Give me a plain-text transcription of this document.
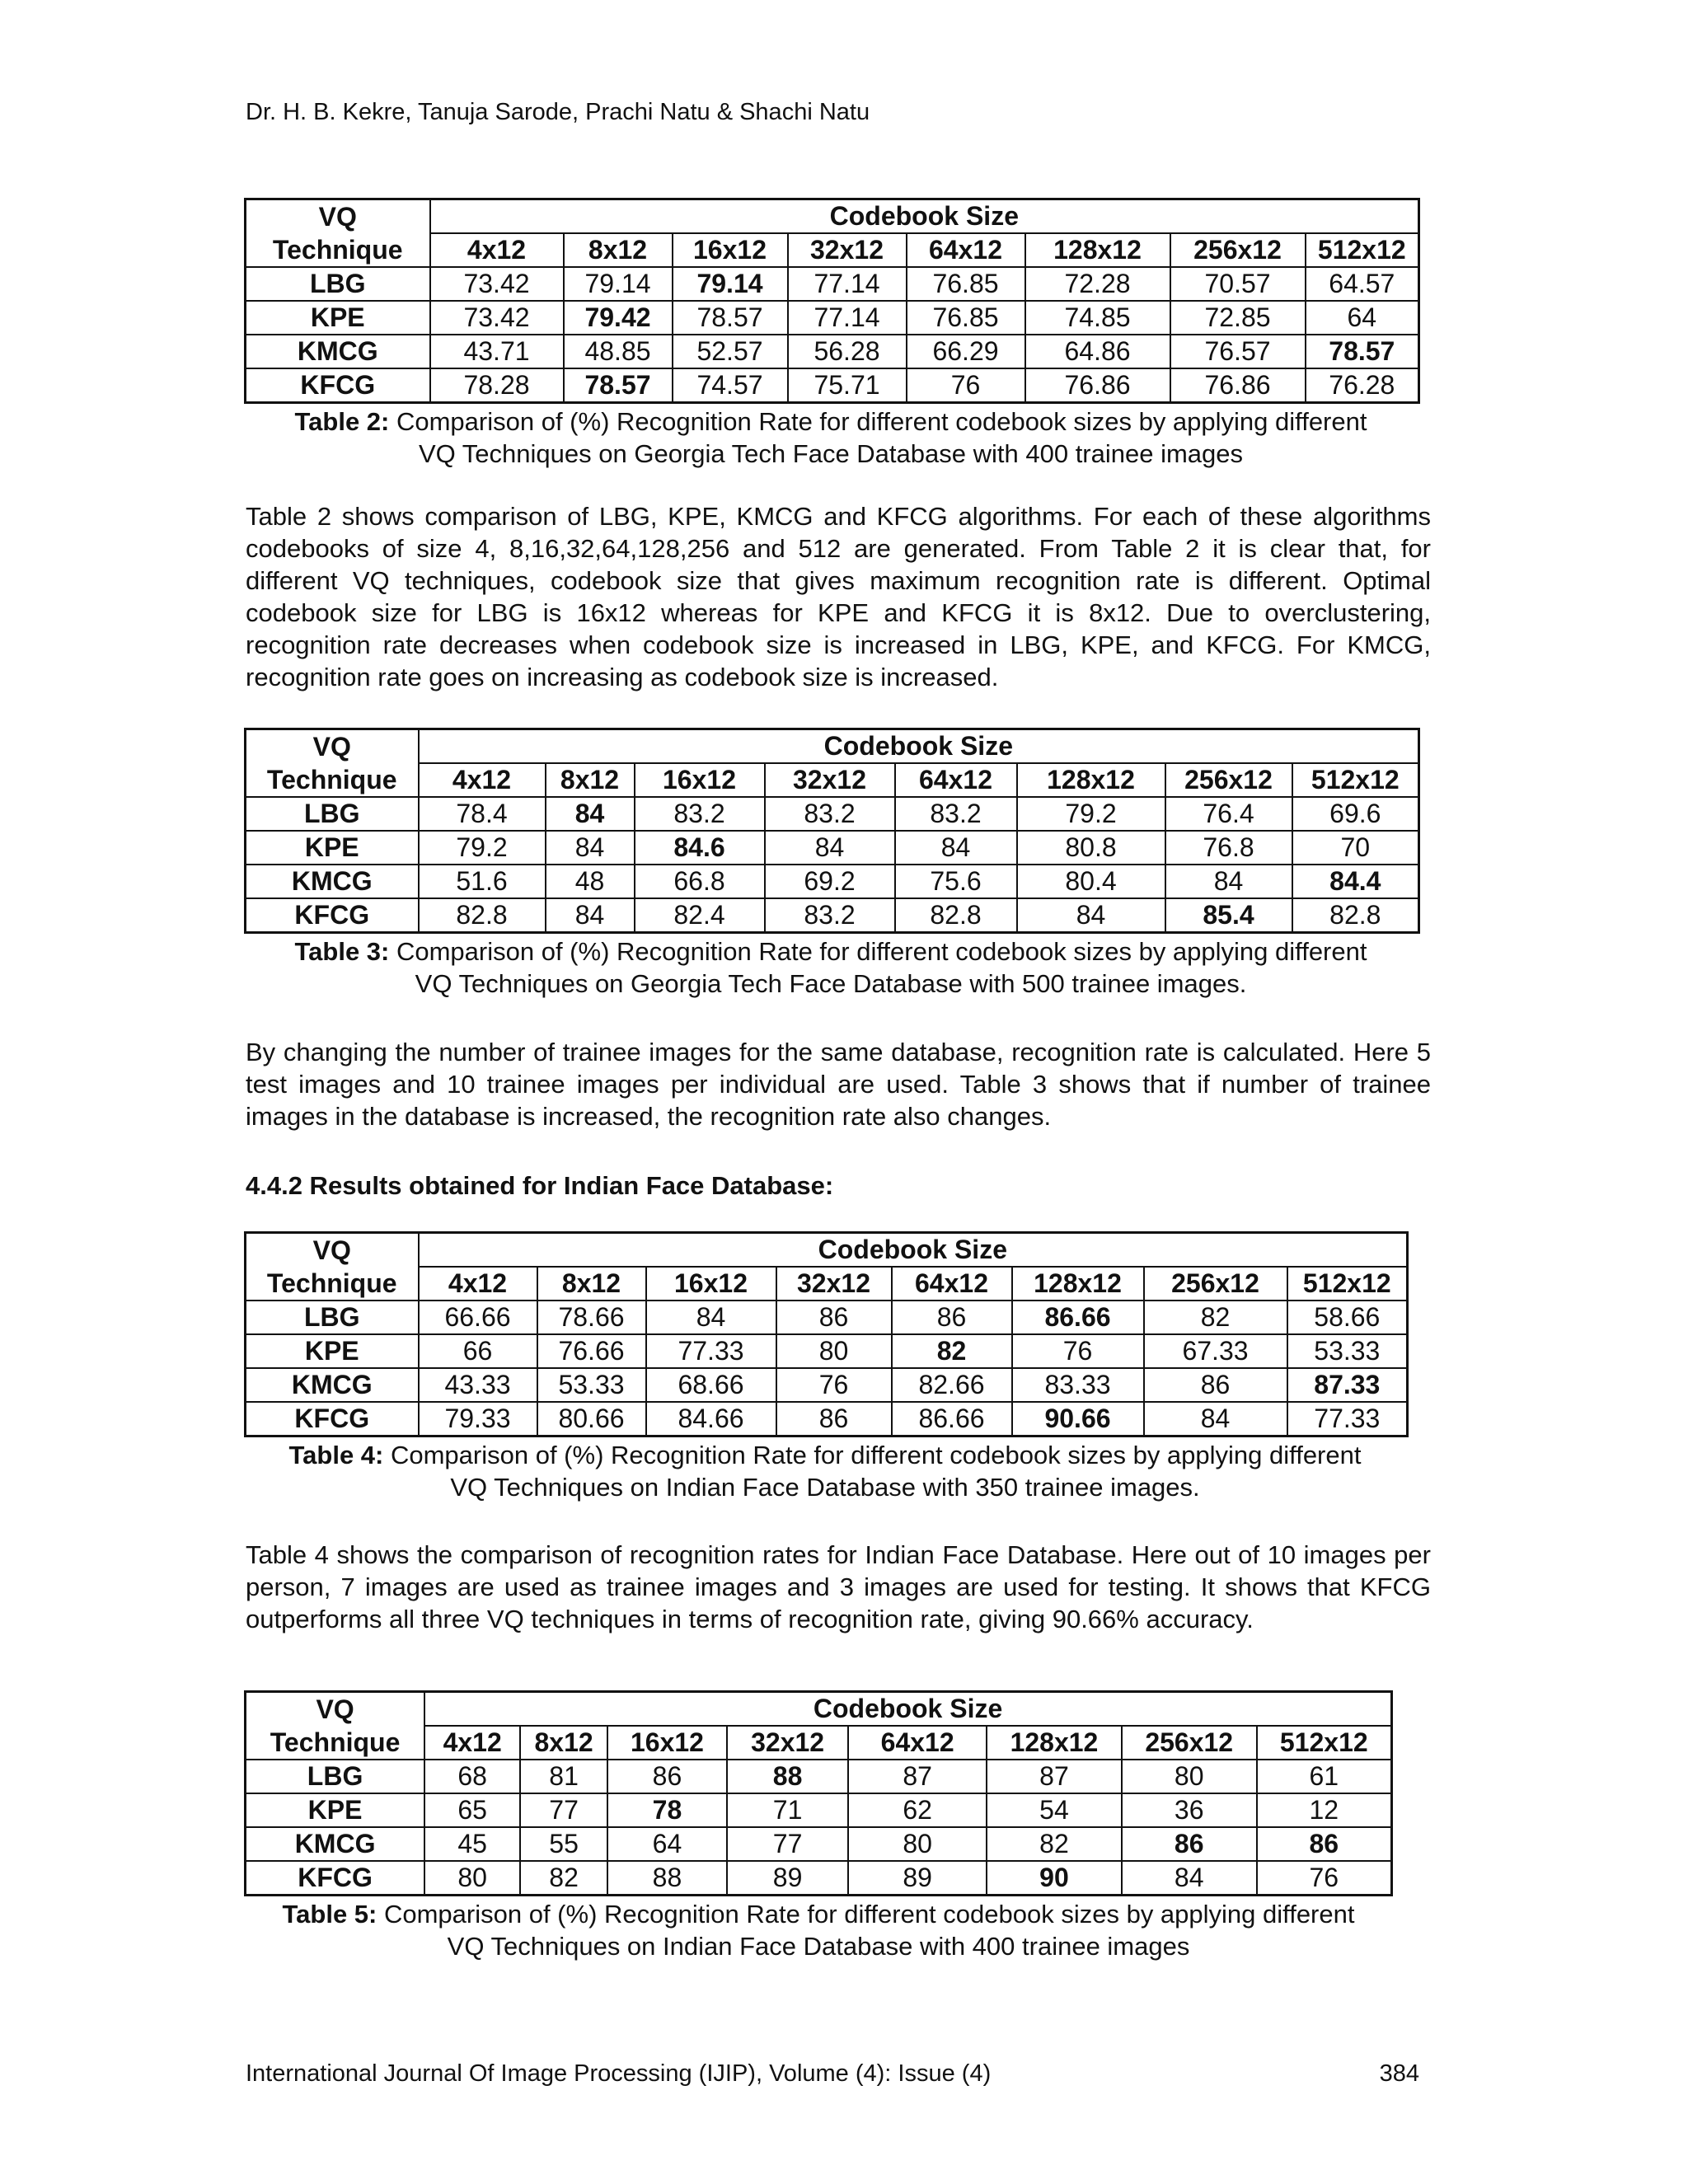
Dr. H. B. Kekre, Tanuja Sarode, Prachi Natu & Shachi Natu
VQ	Codebook Size							
Technique	4x12	8x12	16x12	32x12	64x12	128x12	256x12	512x12
LBG	73.42	79.14	79.14	77.14	76.85	72.28	70.57	64.57
KPE	73.42	79.42	78.57	77.14	76.85	74.85	72.85	64
KMCG	43.71	48.85	52.57	56.28	66.29	64.86	76.57	78.57
KFCG	78.28	78.57	74.57	75.71	76	76.86	76.86	76.28
Table 2: Comparison of (%) Recognition Rate for different codebook sizes by applying different
VQ Techniques on Georgia Tech Face Database with 400 trainee images
Table 2 shows comparison of LBG, KPE, KMCG and KFCG algorithms. For each of these algorithms codebooks of size 4, 8,16,32,64,128,256 and 512 are generated. From Table 2 it is clear that, for different VQ techniques, codebook size that gives maximum recognition rate is different. Optimal codebook size for LBG is 16x12 whereas for KPE and KFCG it is 8x12. Due to overclustering, recognition rate decreases when codebook size is increased in LBG, KPE, and KFCG. For KMCG, recognition rate goes on increasing as codebook size is increased.
VQ	Codebook Size							
Technique	4x12	8x12	16x12	32x12	64x12	128x12	256x12	512x12
LBG	78.4	84	83.2	83.2	83.2	79.2	76.4	69.6
KPE	79.2	84	84.6	84	84	80.8	76.8	70
KMCG	51.6	48	66.8	69.2	75.6	80.4	84	84.4
KFCG	82.8	84	82.4	83.2	82.8	84	85.4	82.8
Table 3: Comparison of (%) Recognition Rate for different codebook sizes by applying different
VQ Techniques on Georgia Tech Face Database with 500 trainee images.
By changing the number of trainee images for the same database, recognition rate is calculated. Here 5 test images and 10 trainee images per individual are used. Table 3 shows that if number of trainee images in the database is increased, the recognition rate also changes.
4.4.2 Results obtained for Indian Face Database:
VQ	Codebook Size							
Technique	4x12	8x12	16x12	32x12	64x12	128x12	256x12	512x12
LBG	66.66	78.66	84	86	86	86.66	82	58.66
KPE	66	76.66	77.33	80	82	76	67.33	53.33
KMCG	43.33	53.33	68.66	76	82.66	83.33	86	87.33
KFCG	79.33	80.66	84.66	86	86.66	90.66	84	77.33
Table 4: Comparison of (%) Recognition Rate for different codebook sizes by applying different
VQ Techniques on Indian Face Database with 350 trainee images.
Table 4 shows the comparison of recognition rates for Indian Face Database. Here out of 10 images per person, 7 images are used as trainee images and 3 images are used for testing. It shows that KFCG outperforms all three VQ techniques in terms of recognition rate, giving 90.66% accuracy.
VQ	Codebook Size							
Technique	4x12	8x12	16x12	32x12	64x12	128x12	256x12	512x12
LBG	68	81	86	88	87	87	80	61
KPE	65	77	78	71	62	54	36	12
KMCG	45	55	64	77	80	82	86	86
KFCG	80	82	88	89	89	90	84	76
Table 5: Comparison of (%) Recognition Rate for different codebook sizes by applying different
VQ Techniques on Indian Face Database with 400 trainee images
International Journal Of Image Processing (IJIP), Volume (4): Issue (4)	384
